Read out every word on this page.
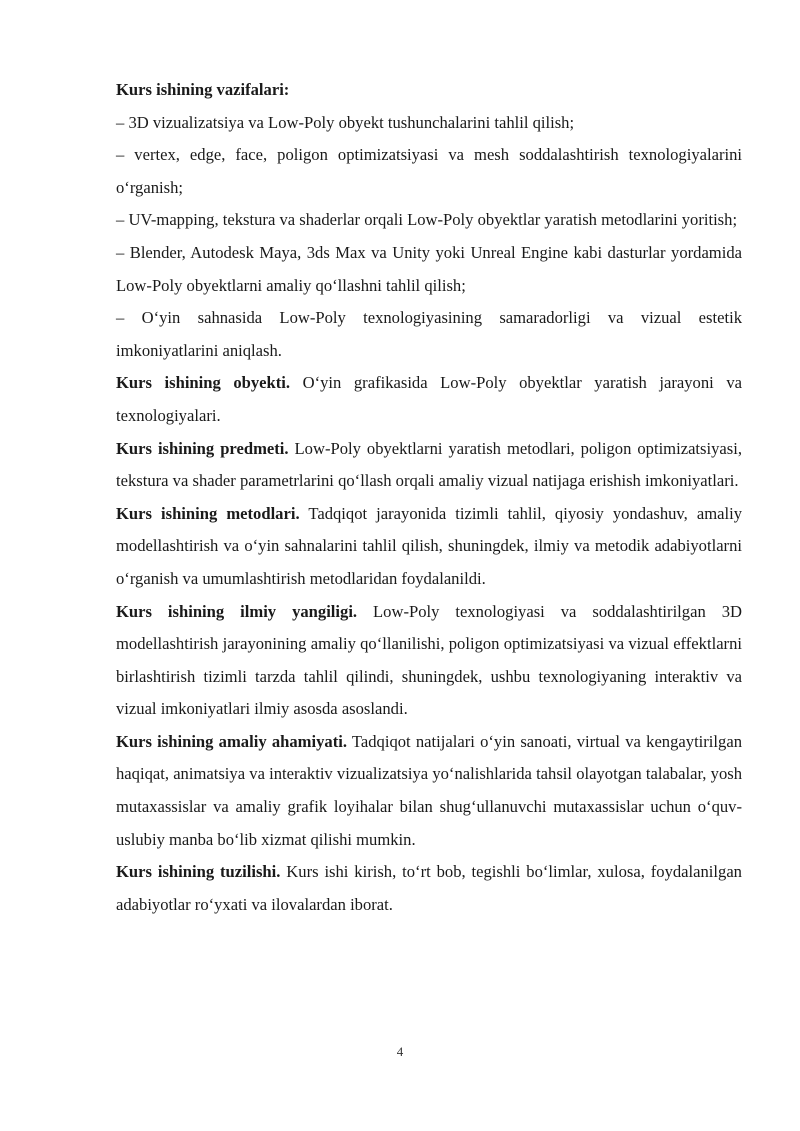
Kurs ishining vazifalari:

– 3D vizualizatsiya va Low-Poly obyekt tushunchalarini tahlil qilish;

– vertex, edge, face, poligon optimizatsiyasi va mesh soddalashtirish texnologiyalarini o‘rganish;

– UV-mapping, tekstura va shaderlar orqali Low-Poly obyektlar yaratish metodlarini yoritish;

– Blender, Autodesk Maya, 3ds Max va Unity yoki Unreal Engine kabi dasturlar yordamida Low-Poly obyektlarni amaliy qo‘llashni tahlil qilish;

– O‘yin sahnasida Low-Poly texnologiyasining samaradorligi va vizual estetik imkoniyatlarini aniqlash.

Kurs ishining obyekti. O‘yin grafikasida Low-Poly obyektlar yaratish jarayoni va texnologiyalari.

Kurs ishining predmeti. Low-Poly obyektlarni yaratish metodlari, poligon optimizatsiyasi, tekstura va shader parametrlarini qo‘llash orqali amaliy vizual natijaga erishish imkoniyatlari.

Kurs ishining metodlari. Tadqiqot jarayonida tizimli tahlil, qiyosiy yondashuv, amaliy modellashtirish va o‘yin sahnalarini tahlil qilish, shuningdek, ilmiy va metodik adabiyotlarni o‘rganish va umumlashtirish metodlaridan foydalanildi.

Kurs ishining ilmiy yangiligi. Low-Poly texnologiyasi va soddalashtirilgan 3D modellashtirish jarayonining amaliy qo‘llanilishi, poligon optimizatsiyasi va vizual effektlarni birlashtirish tizimli tarzda tahlil qilindi, shuningdek, ushbu texnologiyaning interaktiv va vizual imkoniyatlari ilmiy asosda asoslandi.

Kurs ishining amaliy ahamiyati. Tadqiqot natijalari o‘yin sanoati, virtual va kengaytirilgan haqiqat, animatsiya va interaktiv vizualizatsiya yo‘nalishlarida tahsil olayotgan talabalar, yosh mutaxassislar va amaliy grafik loyihalar bilan shug‘ullanuvchi mutaxassislar uchun o‘quv-uslubiy manba bo‘lib xizmat qilishi mumkin.

Kurs ishining tuzilishi. Kurs ishi kirish, to‘rt bob, tegishli bo‘limlar, xulosa, foydalanilgan adabiyotlar ro‘yxati va ilovalardan iborat.

4
